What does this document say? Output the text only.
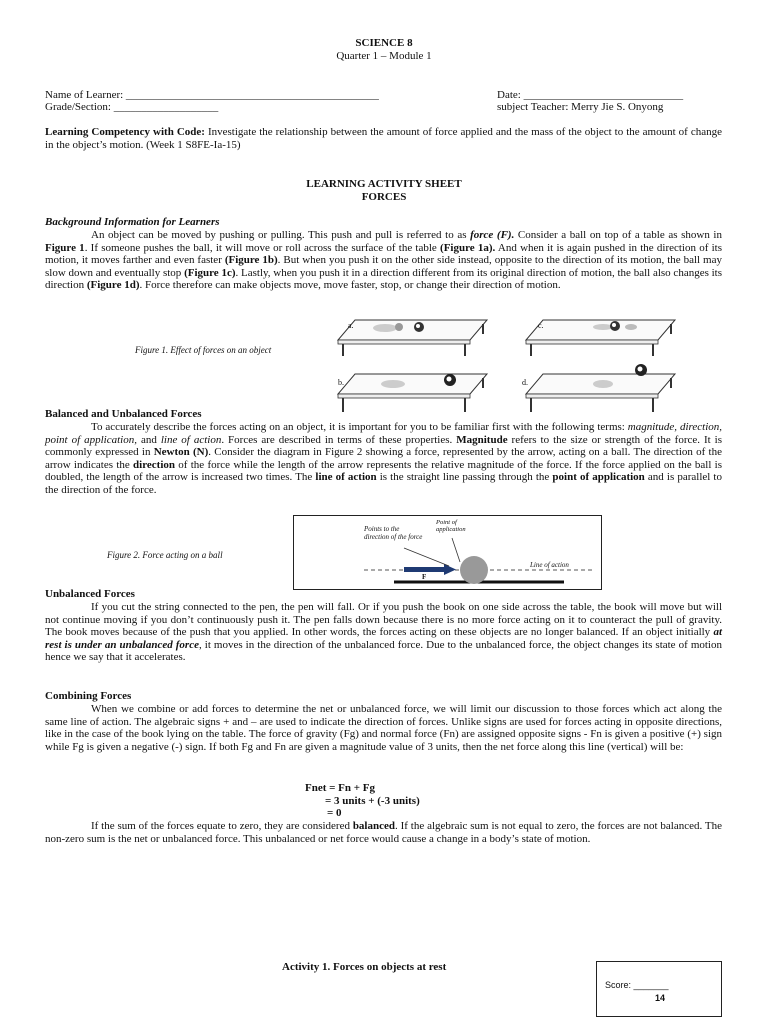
SCIENCE 8
Quarter 1 – Module 1
Name of Learner: ______________________________________________	Date: _____________________________
Grade/Section: ___________________	subject Teacher: Merry Jie S. Onyong
Learning Competency with Code: Investigate the relationship between the amount of force applied and the mass of the object to the amount of change in the object’s motion. (Week 1 S8FE-Ia-15)
LEARNING ACTIVITY SHEET
FORCES
Background Information for Learners
An object can be moved by pushing or pulling. This push and pull is referred to as force (F). Consider a ball on top of a table as shown in Figure 1. If someone pushes the ball, it will move or roll across the surface of the table (Figure 1a). And when it is again pushed in the direction of its motion, it moves farther and even faster (Figure 1b). But when you push it on the other side instead, opposite to the direction of its motion, the ball may slow down and eventually stop (Figure 1c). Lastly, when you push it in a direction different from its original direction of motion, the ball also changes its direction (Figure 1d). Force therefore can make objects move, move faster, stop, or change their direction of motion.
Figure 1. Effect of forces on an object
a.
b.
c.
d.
Balanced and Unbalanced Forces
To accurately describe the forces acting on an object, it is important for you to be familiar first with the following terms: magnitude, direction, point of application, and line of action. Forces are described in terms of these properties. Magnitude refers to the size or strength of the force. It is commonly expressed in Newton (N). Consider the diagram in Figure 2 showing a force, represented by the arrow, acting on a ball. The direction of the arrow indicates the direction of the force while the length of the arrow represents the relative magnitude of the force. If the force applied on the ball is doubled, the length of the arrow is increased two times. The line of action is the straight line passing through the point of application and is parallel to the direction of the force.
Figure 2. Force acting on a ball
Points to the direction of the force
Point of application
Line of action
F
Unbalanced Forces
If you cut the string connected to the pen, the pen will fall. Or if you push the book on one side across the table, the book will move but will not continue moving if you don’t continuously push it. The pen falls down because there is no more force acting on it to counteract the pull of gravity. The book moves because of the push that you applied. In other words, the forces acting on these objects are no longer balanced. If an object initially at rest is under an unbalanced force, it moves in the direction of the unbalanced force. Due to the unbalanced force, the object changes its state of motion hence we say that it accelerates.
Combining Forces
When we combine or add forces to determine the net or unbalanced force, we will limit our discussion to those forces which act along the same line of action. The algebraic signs + and – are used to indicate the direction of forces. Unlike signs are used for forces acting in opposite directions, like in the case of the book lying on the table. The force of gravity (Fg) and normal force (Fn) are assigned opposite signs - Fn is given a positive (+) sign while Fg is given a negative (-) sign. If both Fg and Fn are given a magnitude value of 3 units, then the net force along this line (vertical) will be:
Fnet = Fn + Fg
= 3 units + (-3 units)
= 0
If the sum of the forces equate to zero, they are considered balanced. If the algebraic sum is not equal to zero, the forces are not balanced. The non-zero sum is the net or unbalanced force. This unbalanced or net force would cause a change in a body’s state of motion.
Activity 1. Forces on objects at rest
Score: _______
14
